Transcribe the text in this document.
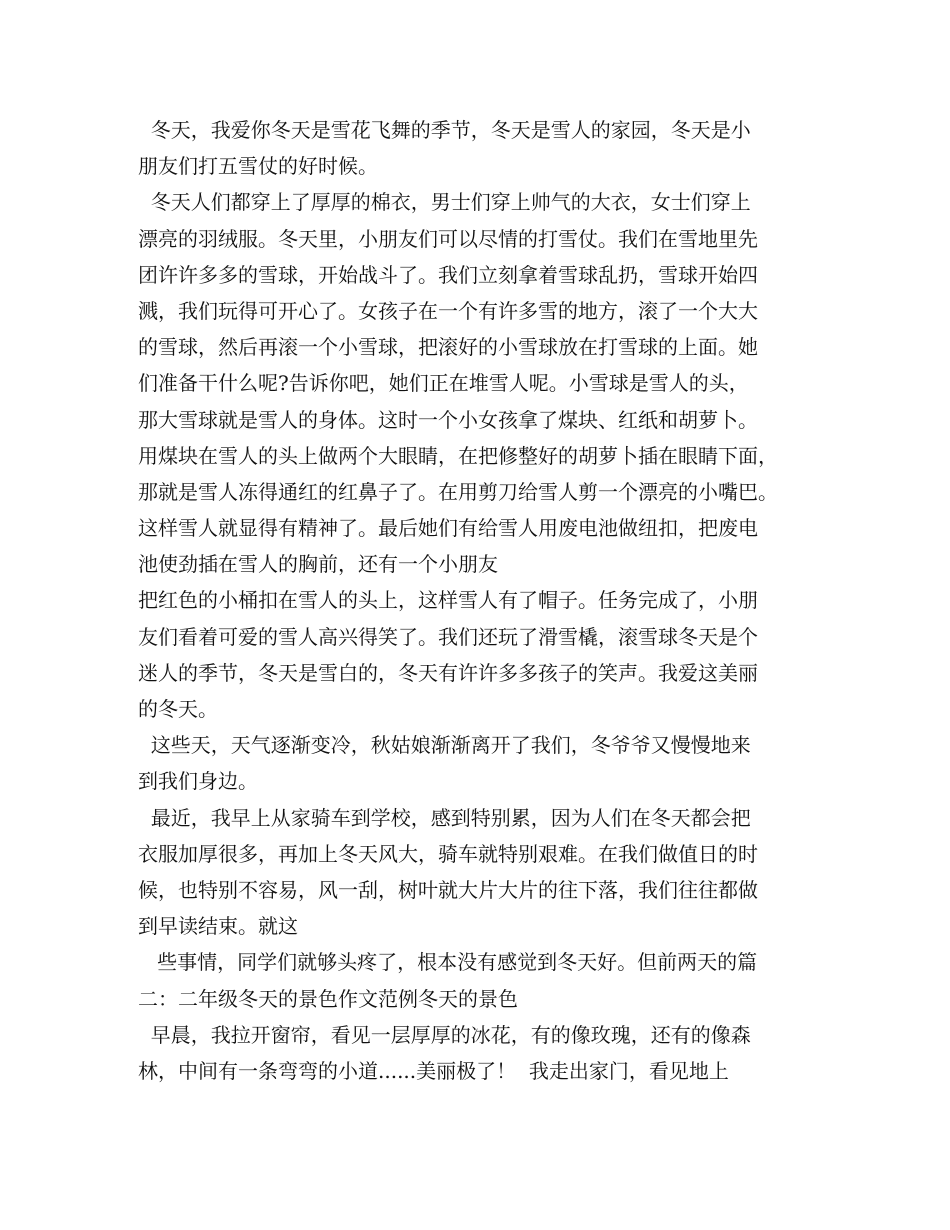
冬天，我爱你冬天是雪花飞舞的季节，冬天是雪人的家园，冬天是小
朋友们打五雪仗的好时候。
冬天人们都穿上了厚厚的棉衣，男士们穿上帅气的大衣，女士们穿上
漂亮的羽绒服。冬天里，小朋友们可以尽情的打雪仗。我们在雪地里先
团许许多多的雪球，开始战斗了。我们立刻拿着雪球乱扔，雪球开始四
溅，我们玩得可开心了。女孩子在一个有许多雪的地方，滚了一个大大
的雪球，然后再滚一个小雪球，把滚好的小雪球放在打雪球的上面。她
们准备干什么呢?告诉你吧，她们正在堆雪人呢。小雪球是雪人的头，
那大雪球就是雪人的身体。这时一个小女孩拿了煤块、红纸和胡萝卜。
用煤块在雪人的头上做两个大眼睛，在把修整好的胡萝卜插在眼睛下面，
那就是雪人冻得通红的红鼻子了。在用剪刀给雪人剪一个漂亮的小嘴巴。
这样雪人就显得有精神了。最后她们有给雪人用废电池做纽扣，把废电
池使劲插在雪人的胸前，还有一个小朋友
把红色的小桶扣在雪人的头上，这样雪人有了帽子。任务完成了，小朋
友们看着可爱的雪人高兴得笑了。我们还玩了滑雪橇，滚雪球冬天是个
迷人的季节，冬天是雪白的，冬天有许许多多孩子的笑声。我爱这美丽
的冬天。
这些天，天气逐渐变冷，秋姑娘渐渐离开了我们，冬爷爷又慢慢地来
到我们身边。
最近，我早上从家骑车到学校，感到特别累，因为人们在冬天都会把
衣服加厚很多，再加上冬天风大，骑车就特别艰难。在我们做值日的时
候，也特别不容易，风一刮，树叶就大片大片的往下落，我们往往都做
到早读结束。就这
些事情，同学们就够头疼了，根本没有感觉到冬天好。但前两天的篇
二：二年级冬天的景色作文范例冬天的景色
早晨，我拉开窗帘，看见一层厚厚的冰花，有的像玫瑰，还有的像森
林，中间有一条弯弯的小道......美丽极了！  我走出家门，看见地上
